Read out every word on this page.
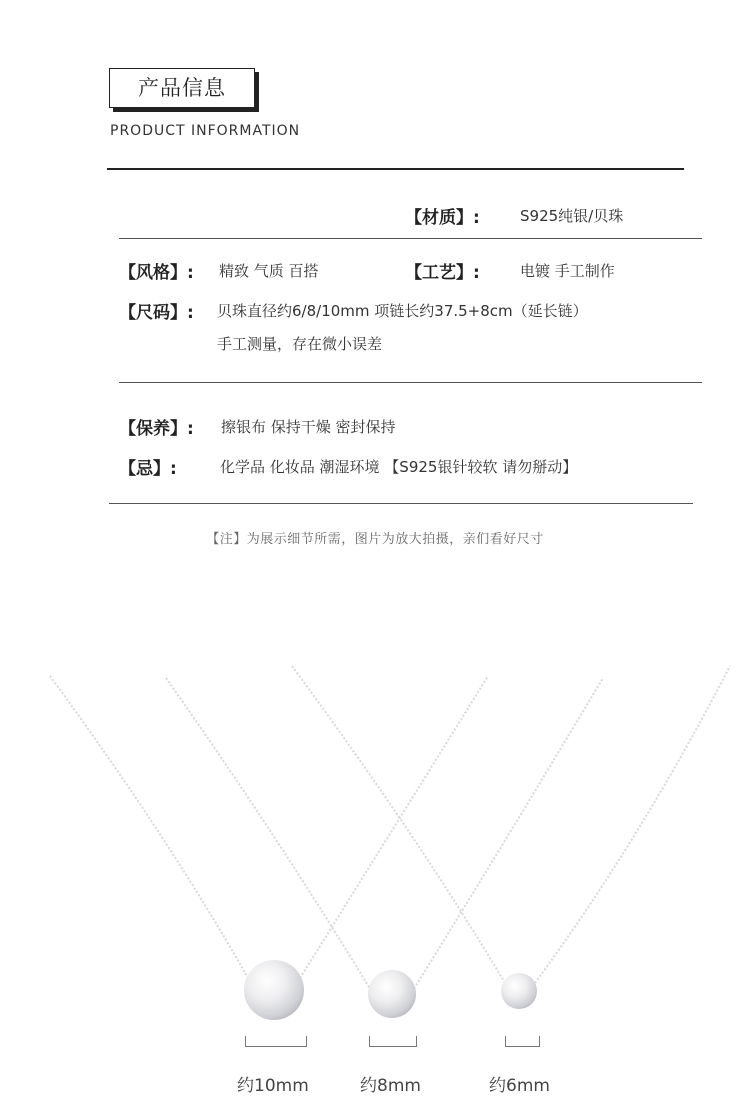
产品信息
PRODUCT INFORMATION
【材质】:	S925纯银/贝珠
【风格】: 精致 气质 百搭	【工艺】:	电镀 手工制作
【尺码】: 贝珠直径约6/8/10mm 项链长约37.5+8cm（延长链）
手工测量，存在微小误差
【保养】: 擦银布 保持干燥 密封保持
【忌】:	化学品 化妆品 潮湿环境 【S925银针较软 请勿掰动】
【注】为展示细节所需，图片为放大拍摄，亲们看好尺寸
约10mm	约8mm	约6mm
